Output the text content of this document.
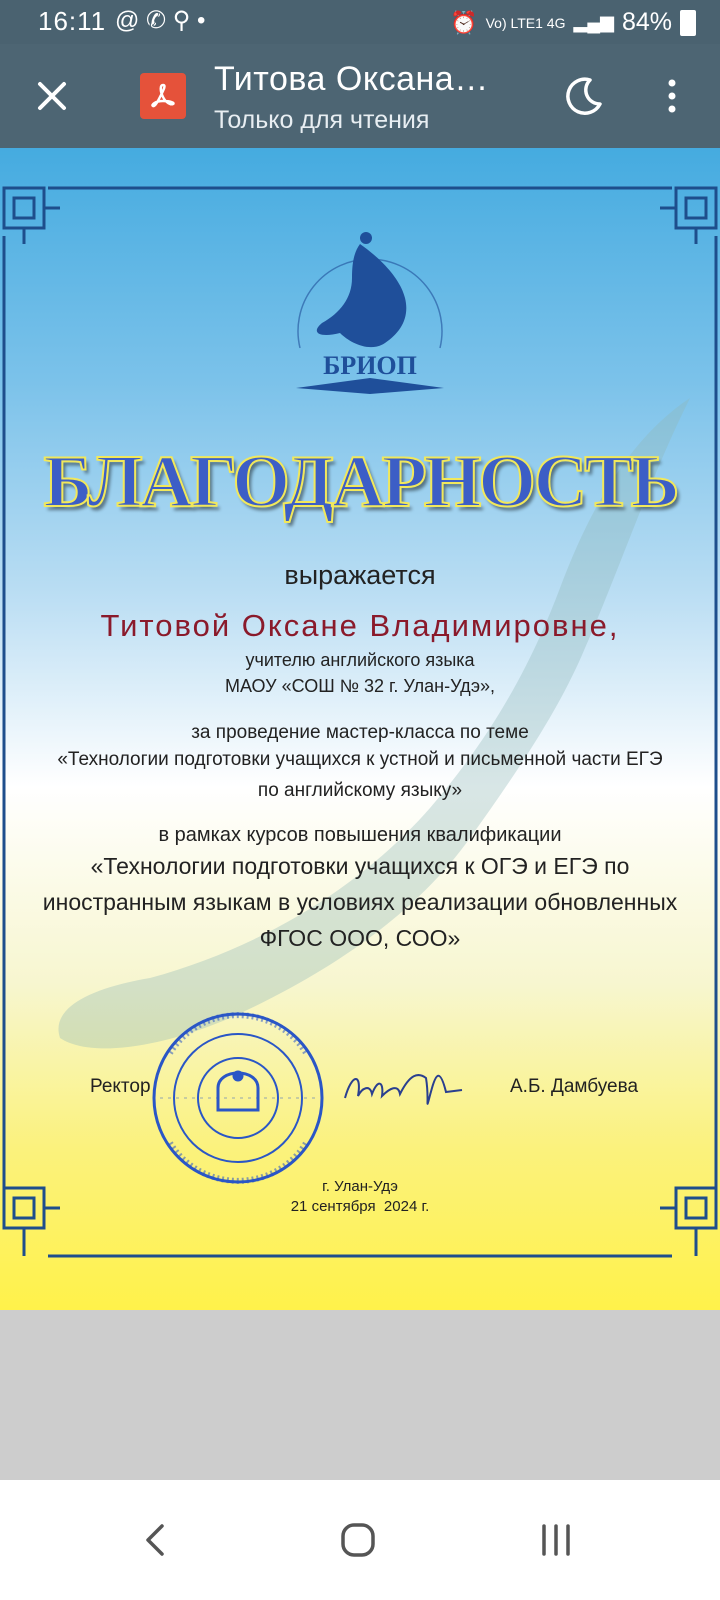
16:11 @ ✆ ⚲ •	⏰ Vo) LTE1 4G ▂▄▆ 84%
Титова Оксана…
Только для чтения
БРИОП
БЛАГОДАРНОСТЬ
выражается
Титовой Оксане Владимировне,
учителю английского языка
МАОУ «СОШ № 32 г. Улан-Удэ»,
за проведение мастер-класса по теме
«Технологии подготовки учащихся к устной и письменной части ЕГЭ
по английскому языку»
в рамках курсов повышения квалификации
«Технологии подготовки учащихся к ОГЭ и ЕГЭ по
иностранным языкам в условиях реализации обновленных
ФГОС ООО, СОО»
Ректор	А.Б. Дамбуева
г. Улан-Удэ
21 сентября  2024 г.
